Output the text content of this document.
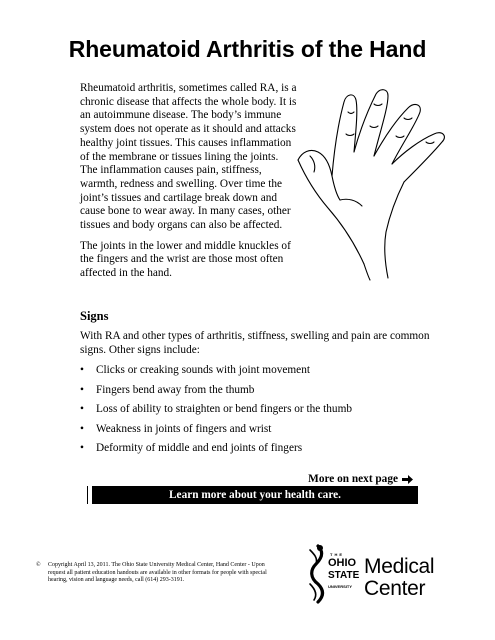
Rheumatoid Arthritis of the Hand

Rheumatoid arthritis, sometimes called RA, is a chronic disease that affects the whole body. It is an autoimmune disease. The body’s immune system does not operate as it should and attacks healthy joint tissues. This causes inflammation of the membrane or tissues lining the joints. The inflammation causes pain, stiffness, warmth, redness and swelling. Over time the joint’s tissues and cartilage break down and cause bone to wear away. In many cases, other tissues and body organs can also be affected.

The joints in the lower and middle knuckles of the fingers and the wrist are those most often affected in the hand.

Signs
With RA and other types of arthritis, stiffness, swelling and pain are common signs. Other signs include:
• Clicks or creaking sounds with joint movement
• Fingers bend away from the thumb
• Loss of ability to straighten or bend fingers or the thumb
• Weakness in joints of fingers and wrist
• Deformity of middle and end joints of fingers
More on next page
Learn more about your health care.
© Copyright April 13, 2011. The Ohio State University Medical Center, Hand Center - Upon request all patient education handouts are available in other formats for people with special hearing, vision and language needs, call (614) 293-3191.
THE
OHIO
STATE
UNIVERSITY
Medical
Center
